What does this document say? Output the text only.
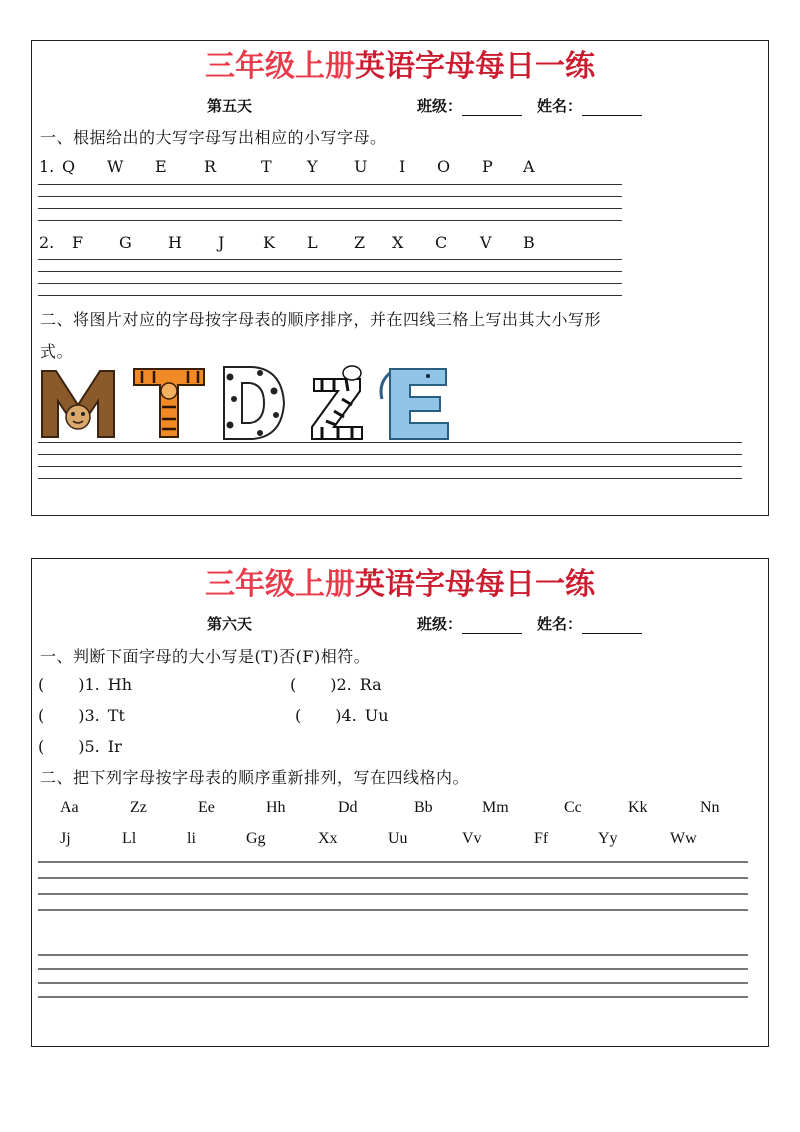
三年级上册英语字母每日一练
第五天	班级：	姓名：
一、根据给出的大写字母写出相应的小写字母。
1.
2.
二、将图片对应的字母按字母表的顺序排序，并在四线三格上写出其大小写形
式。
Q W E R	T Y U I O P A
F G H J K L Z X C V B
三年级上册英语字母每日一练
第六天	班级：	姓名：
一、判断下面字母的大小写是(T)否(F)相符。
二、把下列字母按字母表的顺序重新排列，写在四线格内。
( )1. Hh	( )2. Ra
( )3. Tt	( )4. Uu
( )5. Ir
Aa	Zz	Ee	Hh	Dd	Bb	Mm	Cc	Kk	Nn
Jj	Ll	li	Gg	Xx	Uu	Vv	Ff	Yy	Ww
